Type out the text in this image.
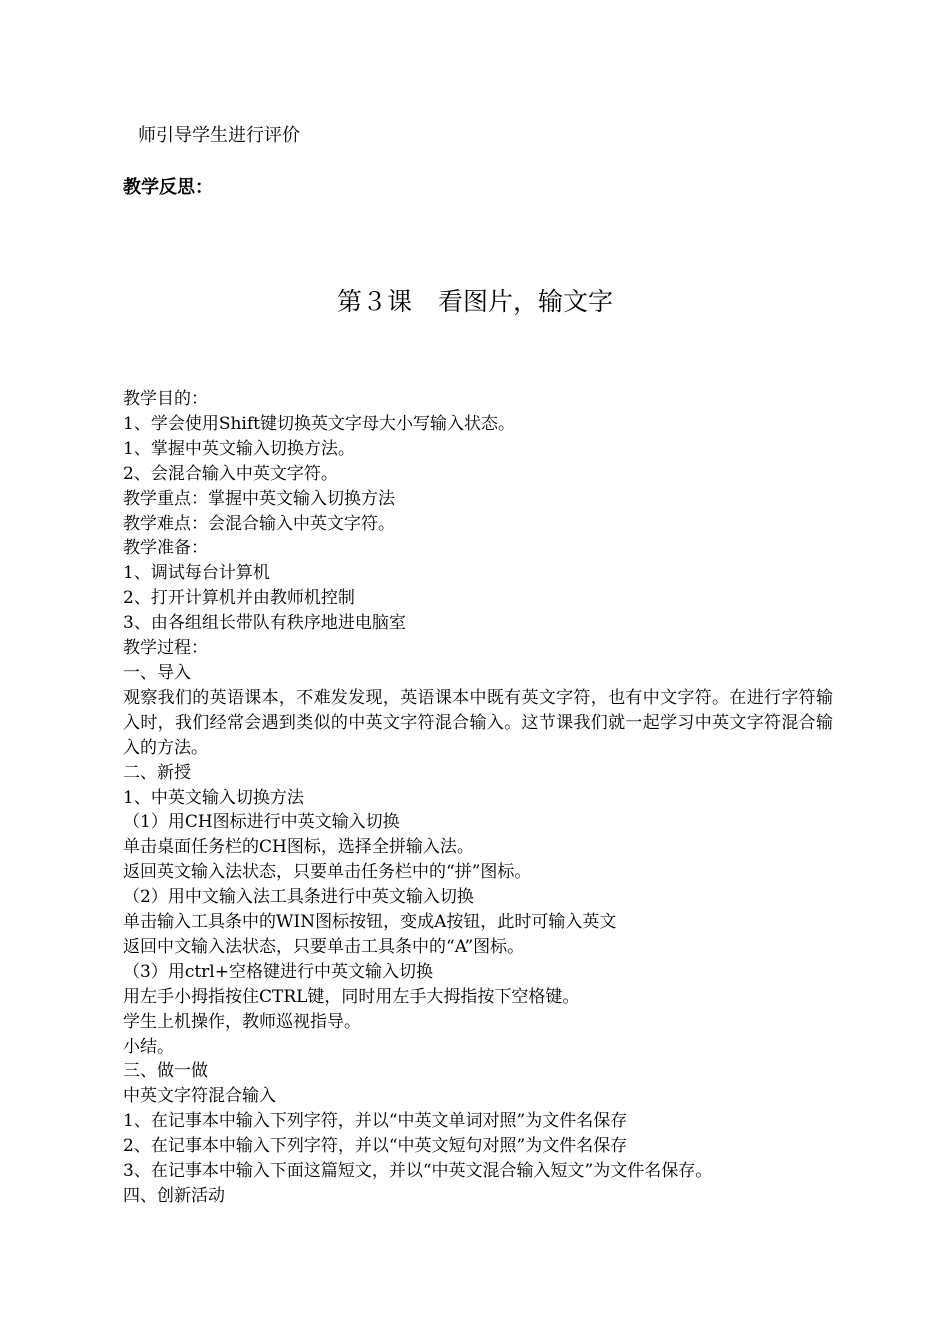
师引导学生进行评价
教学反思：
第３课 看图片，输文字
教学目的：
1、学会使用Shift键切换英文字母大小写输入状态。
1、掌握中英文输入切换方法。
2、会混合输入中英文字符。
教学重点：掌握中英文输入切换方法
教学难点：会混合输入中英文字符。
教学准备：
1、调试每台计算机
2、打开计算机并由教师机控制
3、由各组组长带队有秩序地进电脑室
教学过程：
一、导入
观察我们的英语课本，不难发发现，英语课本中既有英文字符，也有中文字符。在进行字符输入时，我们经常会遇到类似的中英文字符混合输入。这节课我们就一起学习中英文字符混合输入的方法。
二、新授
1、中英文输入切换方法
（1）用CH图标进行中英文输入切换
单击桌面任务栏的CH图标，选择全拼输入法。
返回英文输入法状态，只要单击任务栏中的“拼”图标。
（2）用中文输入法工具条进行中英文输入切换
单击输入工具条中的WIN图标按钮，变成A按钮，此时可输入英文
返回中文输入法状态，只要单击工具条中的“A”图标。
（3）用ctrl+空格键进行中英文输入切换
用左手小拇指按住CTRL键，同时用左手大拇指按下空格键。
学生上机操作，教师巡视指导。
小结。
三、做一做
中英文字符混合输入
1、在记事本中输入下列字符，并以“中英文单词对照”为文件名保存
2、在记事本中输入下列字符，并以“中英文短句对照”为文件名保存
3、在记事本中输入下面这篇短文，并以“中英文混合输入短文”为文件名保存。
四、创新活动
